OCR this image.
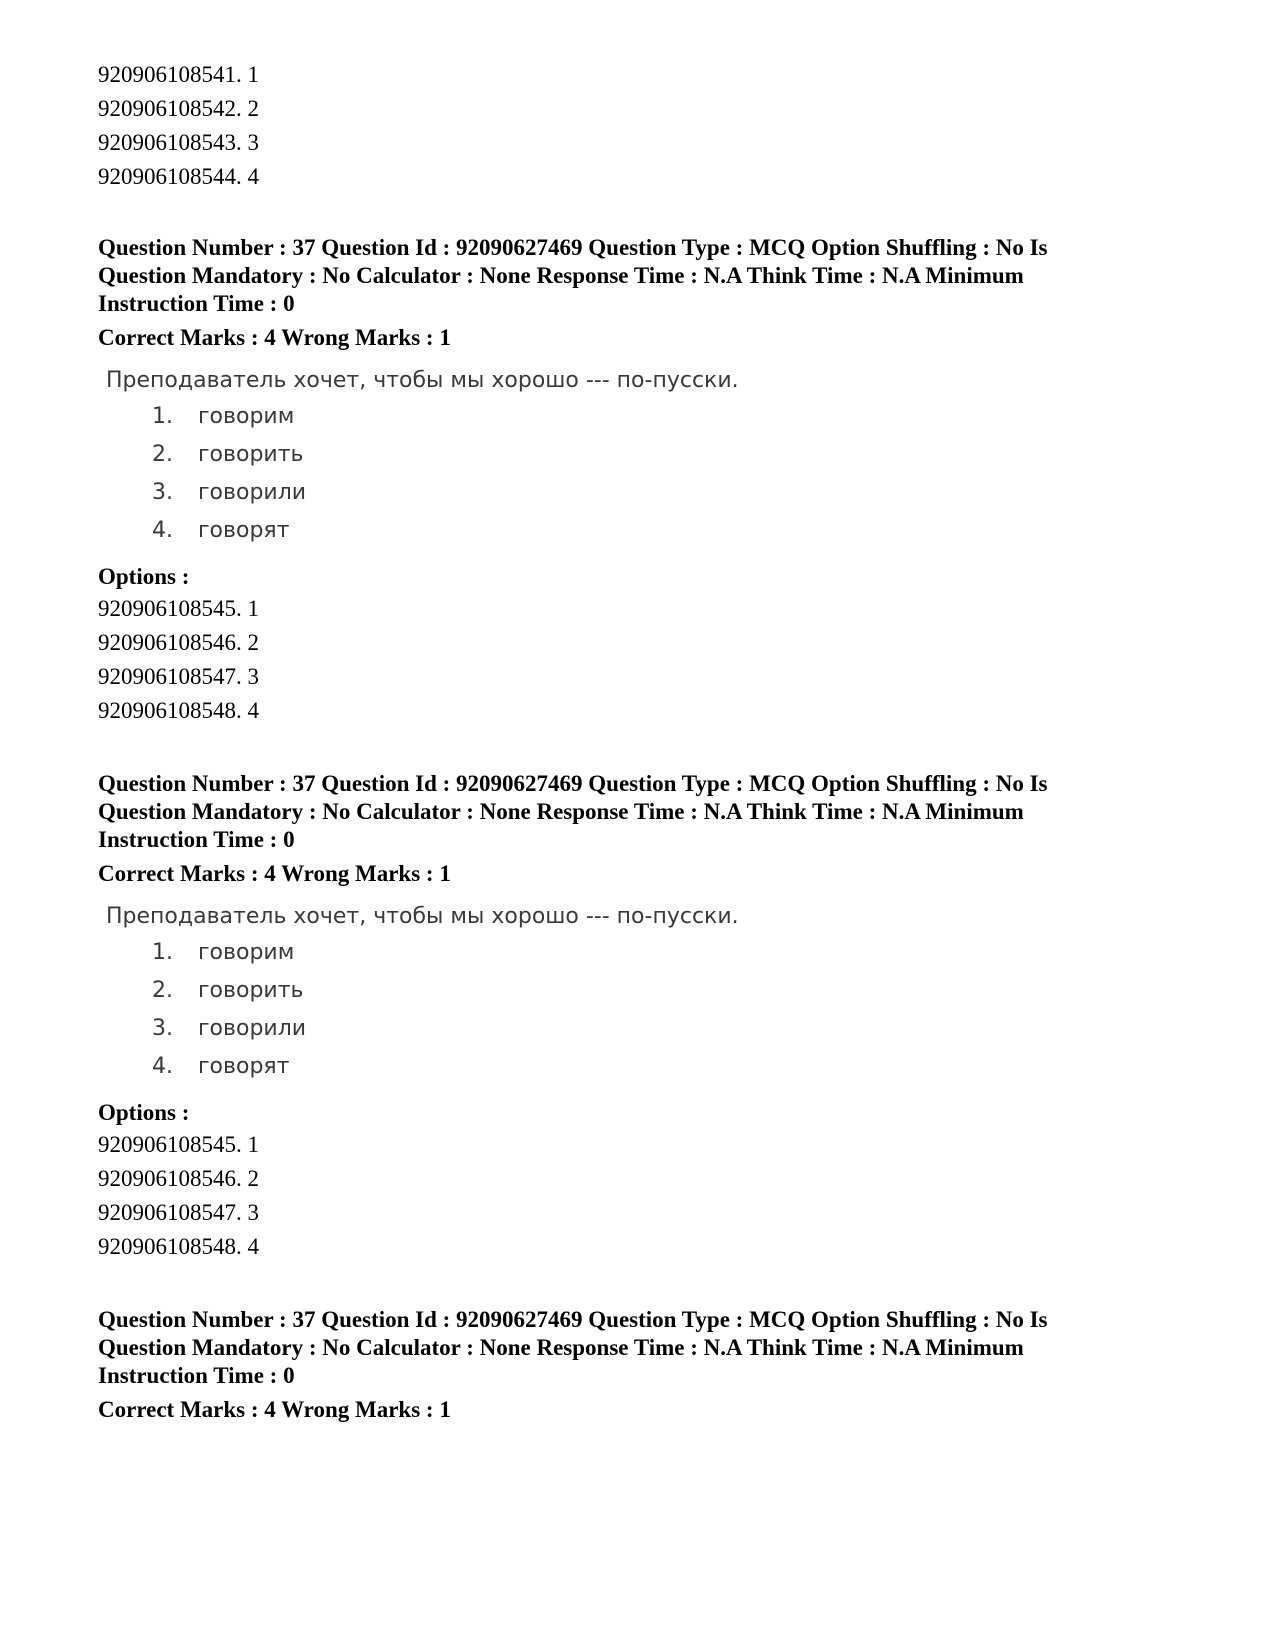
920906108541. 1
920906108542. 2
920906108543. 3
920906108544. 4
Question Number : 37 Question Id : 92090627469 Question Type : MCQ Option Shuffling : No Is Question Mandatory : No Calculator : None Response Time : N.A Think Time : N.A Minimum Instruction Time : 0
Correct Marks : 4 Wrong Marks : 1
Преподаватель хочет, чтобы мы хорошо --- по-пусски.
1. говорим
2. говорить
3. говорили
4. говорят
Options :
920906108545. 1
920906108546. 2
920906108547. 3
920906108548. 4
Question Number : 37 Question Id : 92090627469 Question Type : MCQ Option Shuffling : No Is Question Mandatory : No Calculator : None Response Time : N.A Think Time : N.A Minimum Instruction Time : 0
Correct Marks : 4 Wrong Marks : 1
Преподаватель хочет, чтобы мы хорошо --- по-пусски.
1. говорим
2. говорить
3. говорили
4. говорят
Options :
920906108545. 1
920906108546. 2
920906108547. 3
920906108548. 4
Question Number : 37 Question Id : 92090627469 Question Type : MCQ Option Shuffling : No Is Question Mandatory : No Calculator : None Response Time : N.A Think Time : N.A Minimum Instruction Time : 0
Correct Marks : 4 Wrong Marks : 1
